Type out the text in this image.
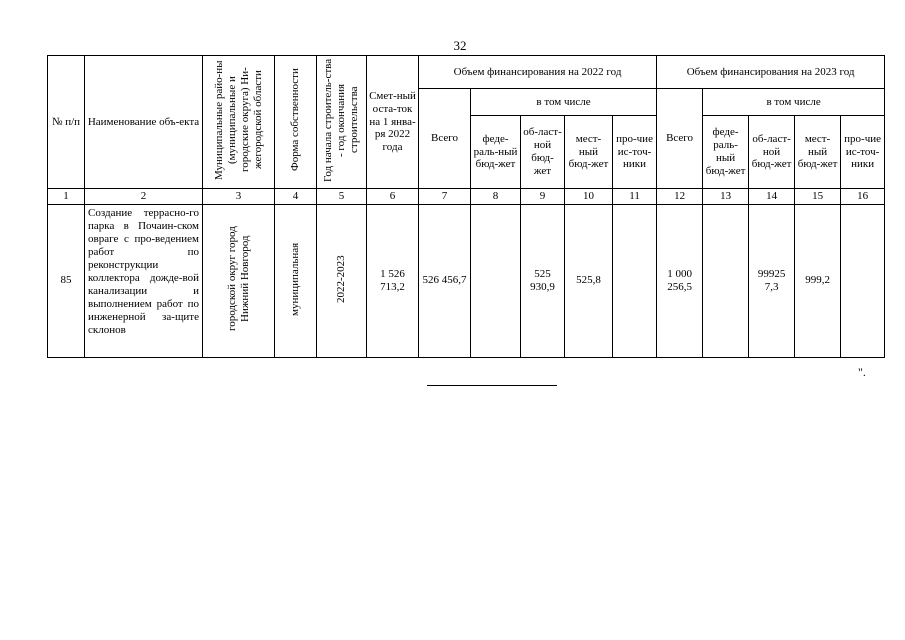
32
№ п/п	Наименование объ-екта	Муниципальные райо-ны (муниципальные и городские округа) Ни-жегородской области	Форма собственности	Год начала строитель-ства - год окончания строительства	Смет-ный оста-ток на 1 янва-ря 2022 года	Объем финансирования на 2022 год					Объем финансирования на 2023 год				
						Всего	в том числе				Всего	в том числе			
							феде-раль-ный бюд-жет	об-ласт-ной бюд-жет	мест-ный бюд-жет	про-чие ис-точ-ники		феде-раль-ный бюд-жет	об-ласт-ной бюд-жет	мест-ный бюд-жет	про-чие ис-точ-ники
1	2	3	4	5	6	7	8	9	10	11	12	13	14	15	16
85	Создание террасно-го парка в Почаин-ском овраге с про-ведением работ по реконструкции коллектора дожде-вой канализации и выполнением работ по инженерной за-щите склонов	городской округ город Нижний Новгород	муниципальная	2022-2023	1 526 713,2	526 456,7		525 930,9	525,8		1 000 256,5		99925 7,3	999,2	
".
